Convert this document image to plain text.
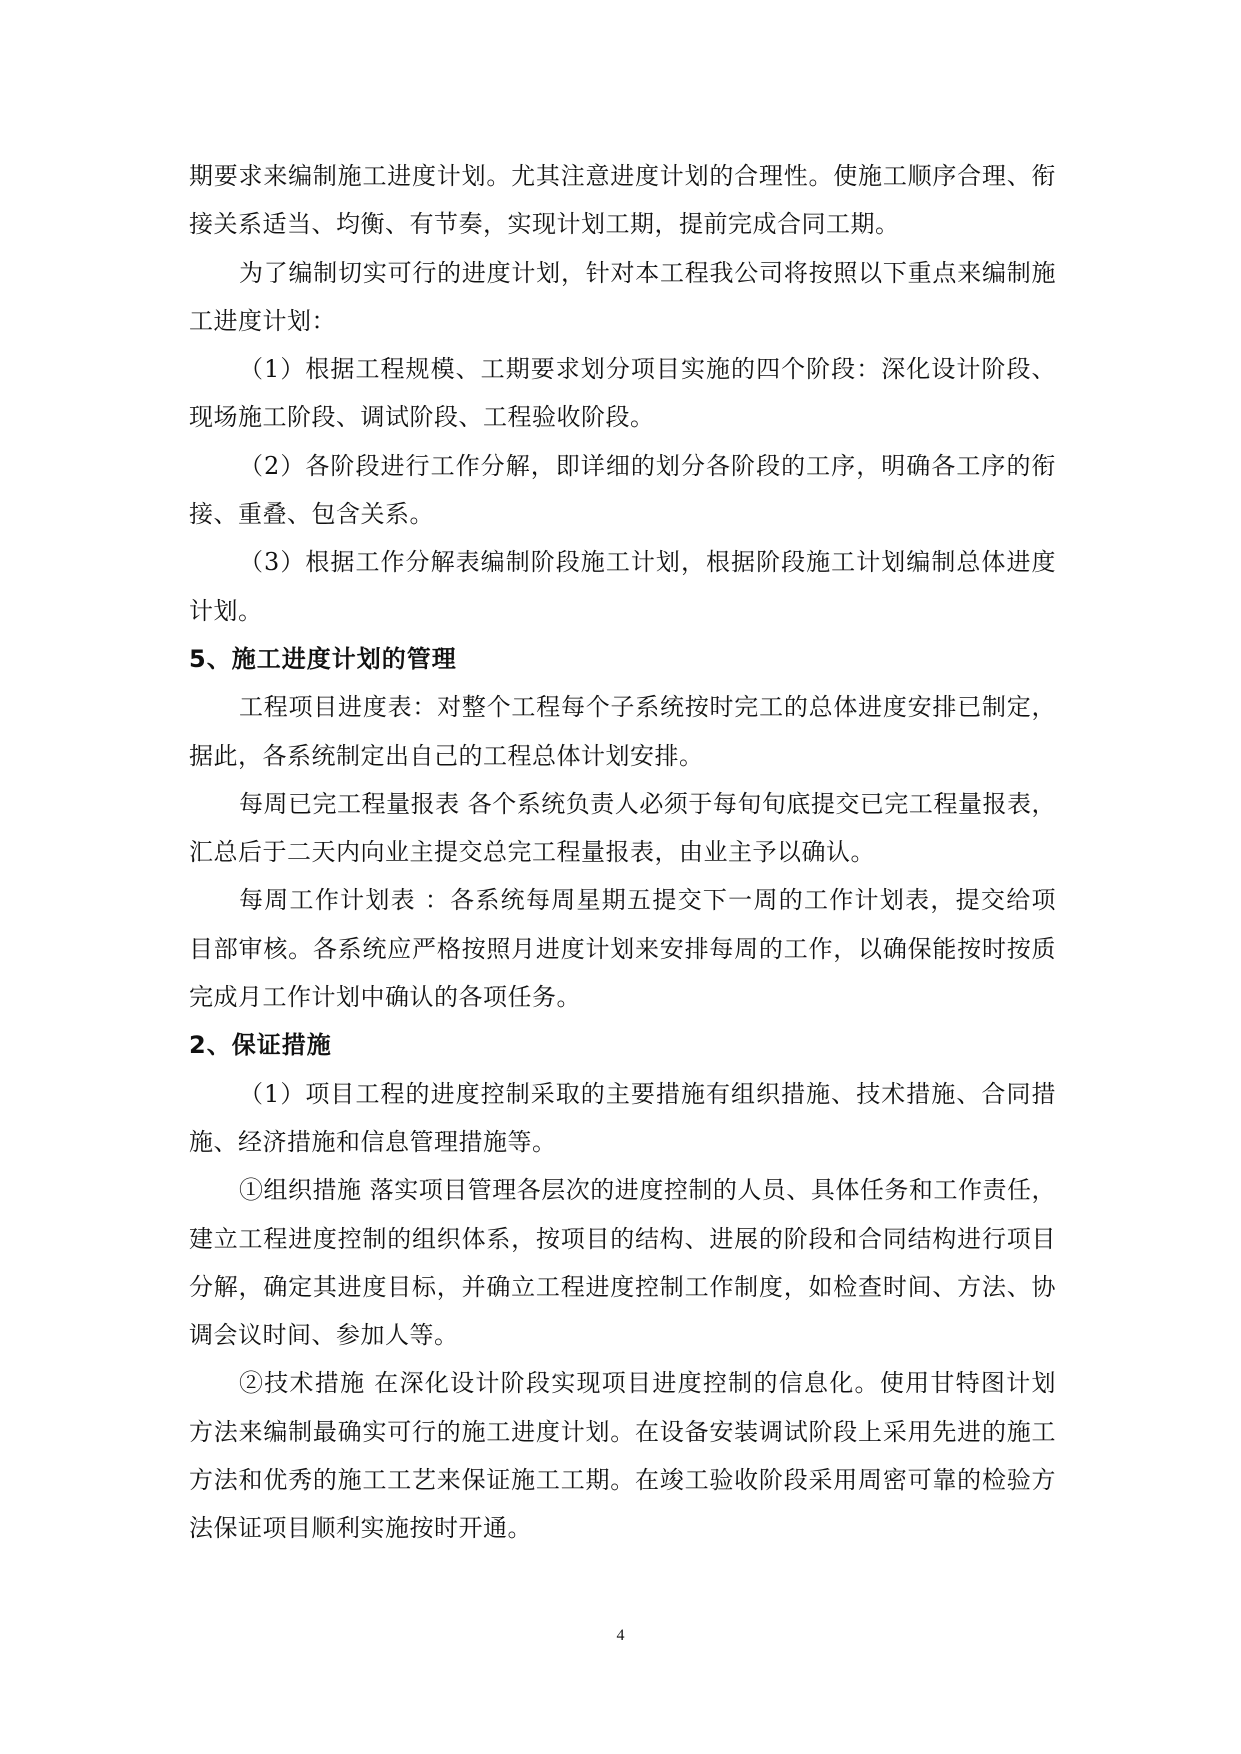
期要求来编制施工进度计划。尤其注意进度计划的合理性。使施工顺序合理、衔
接关系适当、均衡、有节奏，实现计划工期，提前完成合同工期。
为了编制切实可行的进度计划，针对本工程我公司将按照以下重点来编制施
工进度计划：
（1）根据工程规模、工期要求划分项目实施的四个阶段：深化设计阶段、
现场施工阶段、调试阶段、工程验收阶段。
（2）各阶段进行工作分解，即详细的划分各阶段的工序，明确各工序的衔
接、重叠、包含关系。
（3）根据工作分解表编制阶段施工计划，根据阶段施工计划编制总体进度
计划。
5、施工进度计划的管理
工程项目进度表：对整个工程每个子系统按时完工的总体进度安排已制定，
据此，各系统制定出自己的工程总体计划安排。
每周已完工程量报表 各个系统负责人必须于每旬旬底提交已完工程量报表，
汇总后于二天内向业主提交总完工程量报表，由业主予以确认。
每周工作计划表 ：各系统每周星期五提交下一周的工作计划表，提交给项
目部审核。各系统应严格按照月进度计划来安排每周的工作，以确保能按时按质
完成月工作计划中确认的各项任务。
2、保证措施
（1）项目工程的进度控制采取的主要措施有组织措施、技术措施、合同措
施、经济措施和信息管理措施等。
①组织措施 落实项目管理各层次的进度控制的人员、具体任务和工作责任，
建立工程进度控制的组织体系，按项目的结构、进展的阶段和合同结构进行项目
分解，确定其进度目标，并确立工程进度控制工作制度，如检查时间、方法、协
调会议时间、参加人等。
②技术措施 在深化设计阶段实现项目进度控制的信息化。使用甘特图计划
方法来编制最确实可行的施工进度计划。在设备安装调试阶段上采用先进的施工
方法和优秀的施工工艺来保证施工工期。在竣工验收阶段采用周密可靠的检验方
法保证项目顺利实施按时开通。
4
